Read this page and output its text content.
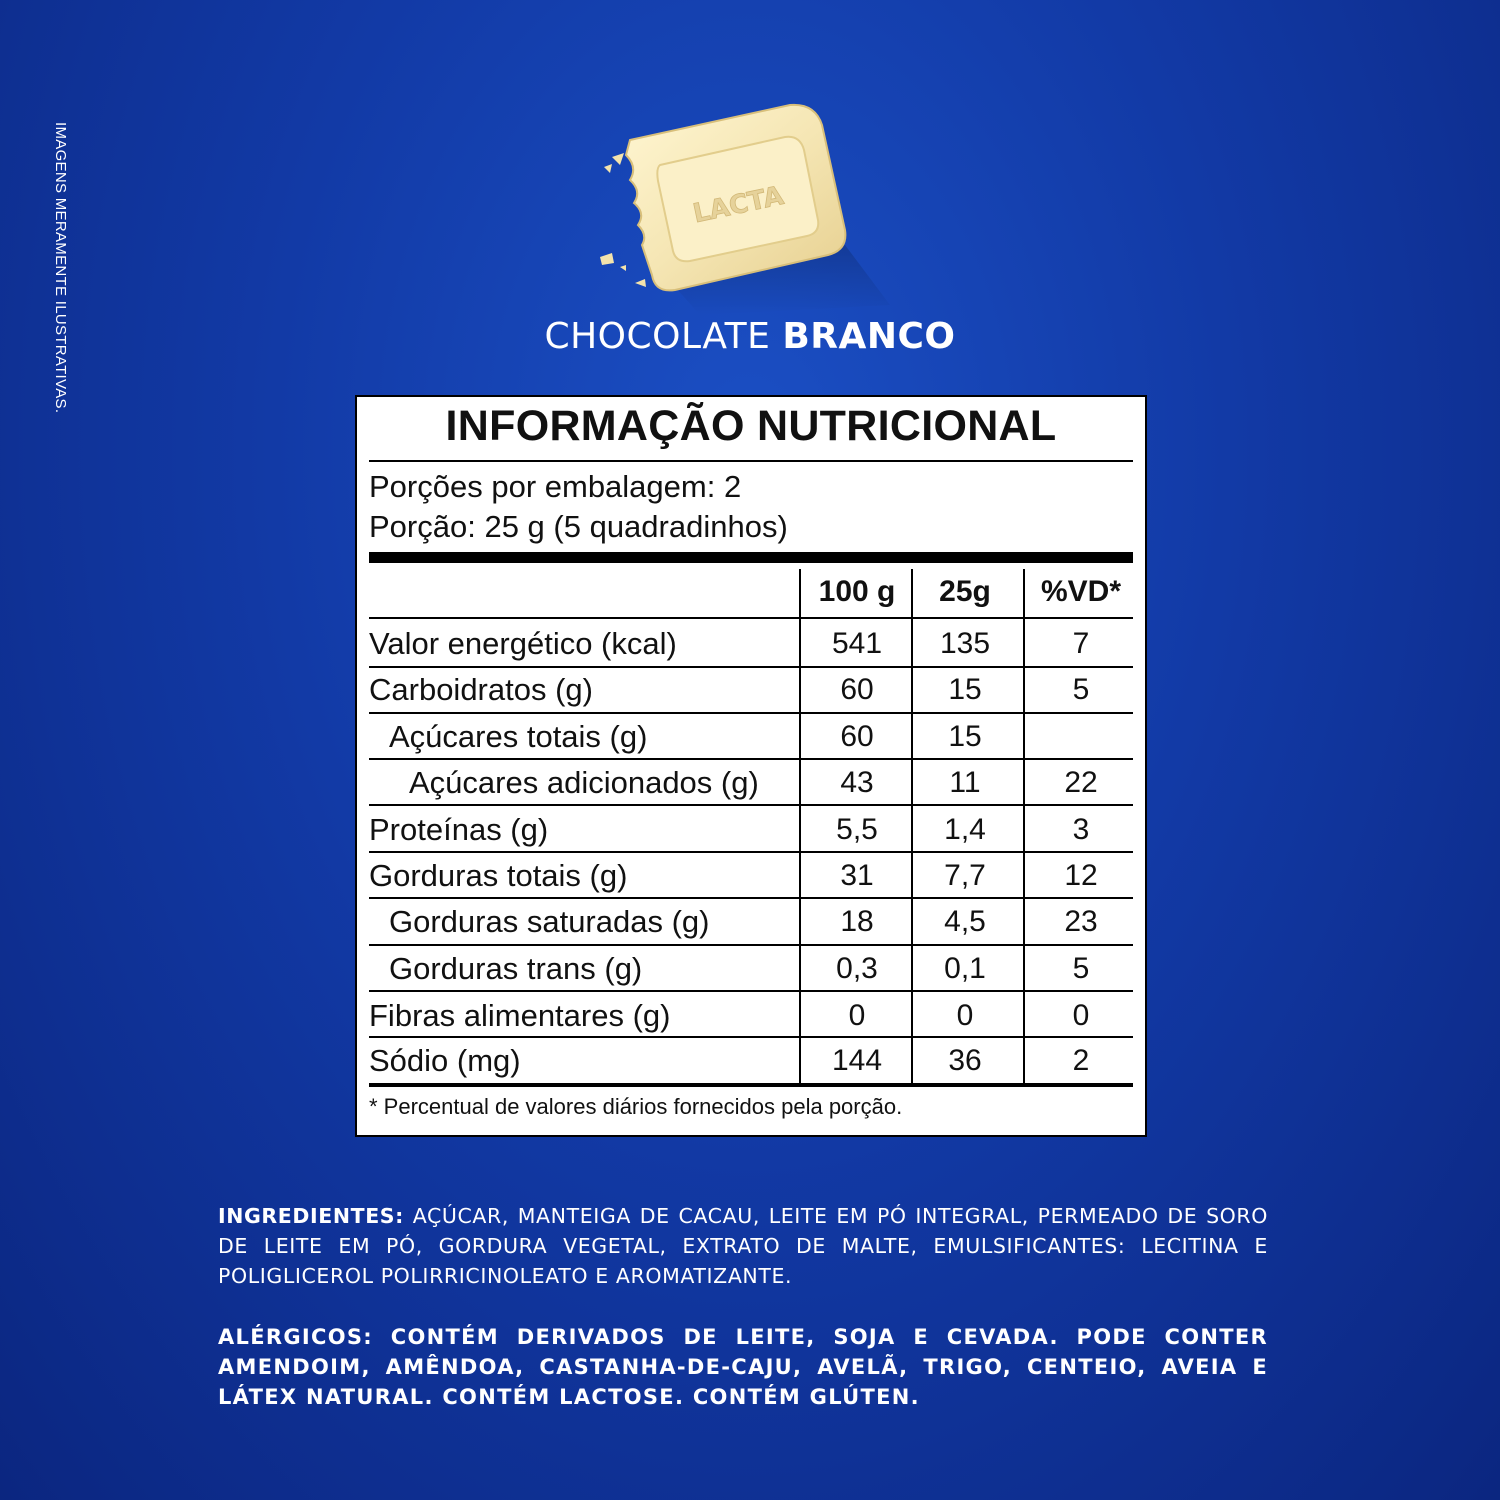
IMAGENS MERAMENTE ILUSTRATIVAS.	LACTA
CHOCOLATE BRANCO
INFORMAÇÃO NUTRICIONAL
Porções por embalagem: 2
Porção: 25 g (5 quadradinhos)
100 g	25g	%VD*
Valor energético (kcal)	541	135	7
Carboidratos (g)	60	15	5
Açúcares totais (g)	60	15
Açúcares adicionados (g)	43	11	22
Proteínas (g)	5,5	1,4	3
Gorduras totais (g)	31	7,7	12
Gorduras saturadas (g)	18	4,5	23
Gorduras trans (g)	0,3	0,1	5
Fibras alimentares (g)	0	0	0
Sódio (mg)	144	36	2
* Percentual de valores diários fornecidos pela porção.
INGREDIENTES: AÇÚCAR, MANTEIGA DE CACAU, LEITE EM PÓ INTEGRAL, PERMEADO DE SORO DE LEITE EM PÓ, GORDURA VEGETAL, EXTRATO DE MALTE, EMULSIFICANTES: LECITINA E POLIGLICEROL POLIRRICINOLEATO E AROMATIZANTE.
ALÉRGICOS: CONTÉM DERIVADOS DE LEITE, SOJA E CEVADA. PODE CONTER AMENDOIM, AMÊNDOA, CASTANHA-DE-CAJU, AVELÃ, TRIGO, CENTEIO, AVEIA E LÁTEX NATURAL. CONTÉM LACTOSE. CONTÉM GLÚTEN.
